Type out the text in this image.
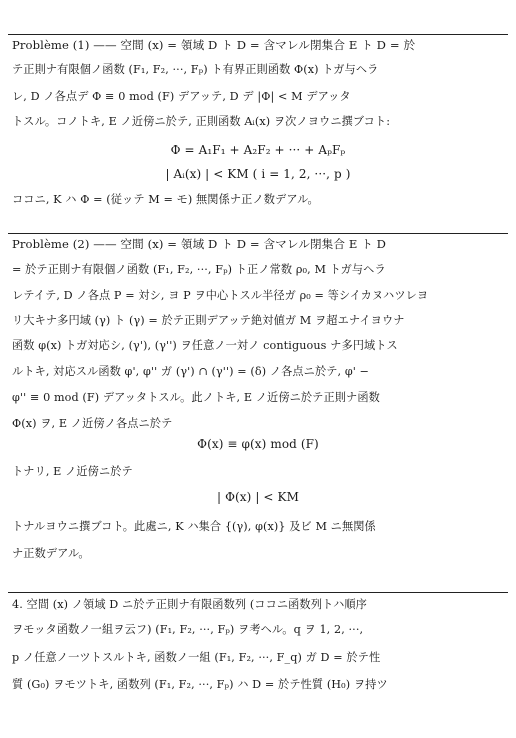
Problème (1) —— 空間 (x) = 領域 D ト D = 含マレル閉集合 E ト D = 於
テ正則ナ有限個ノ函数 (F₁, F₂, ···, Fₚ) ト有界正則函数 Φ(x) トガ与ヘラ
レ, D ノ各点デ Φ ≡ 0 mod (F) デアッテ, D デ |Φ| < M デアッタ
トスル。コノトキ, E ノ近傍ニ於テ, 正則函数 Aᵢ(x) ヲ次ノヨウニ撰ブコト:
Φ = A₁F₁ + A₂F₂ + ··· + AₚFₚ
| Aᵢ(x) | < KM ( i = 1, 2, ···, p )
ココニ, K ハ Φ = (従ッテ M = モ) 無関係ナ正ノ数デアル。
Problème (2) —— 空間 (x) = 領域 D ト D = 含マレル閉集合 E ト D
= 於テ正則ナ有限個ノ函数 (F₁, F₂, ···, Fₚ) ト正ノ常数 ρ₀, M トガ与ヘラ
レテイテ, D ノ各点 P = 対シ, ヨ P ヲ中心トスル半径ガ ρ₀ = 等シイカヌハツレヨ
リ大キナ多円域 (γ) ト (γ) = 於テ正則デアッテ絶対値ガ M ヲ超エナイヨウナ
函数 φ(x) トガ対応シ, (γ'), (γ'') ヲ任意ノ一対ノ contiguous ナ多円域トス
ルトキ, 対応スル函数 φ', φ'' ガ (γ') ∩ (γ'') = (δ) ノ各点ニ於テ, φ' −
φ'' ≡ 0 mod (F) デアッタトスル。此ノトキ, E ノ近傍ニ於テ正則ナ函数
Φ(x) ヲ, E ノ近傍ノ各点ニ於テ
Φ(x) ≡ φ(x) mod (F)
トナリ, E ノ近傍ニ於テ
| Φ(x) | < KM
トナルヨウニ撰ブコト。此處ニ, K ハ集合 {(γ), φ(x)} 及ビ M ニ無関係
ナ正数デアル。
4. 空間 (x) ノ領域 D ニ於テ正則ナ有限函数列 (ココニ函数列トハ順序
ヲモッタ函数ノ一組ヲ云フ) (F₁, F₂, ···, Fₚ) ヲ考ヘル。q ヲ 1, 2, ···,
p ノ任意ノ一ツトスルトキ, 函数ノ一組 (F₁, F₂, ···, F_q) ガ D = 於テ性
質 (G₀) ヲモツトキ, 函数列 (F₁, F₂, ···, Fₚ) ハ D = 於テ性質 (H₀) ヲ持ツ
